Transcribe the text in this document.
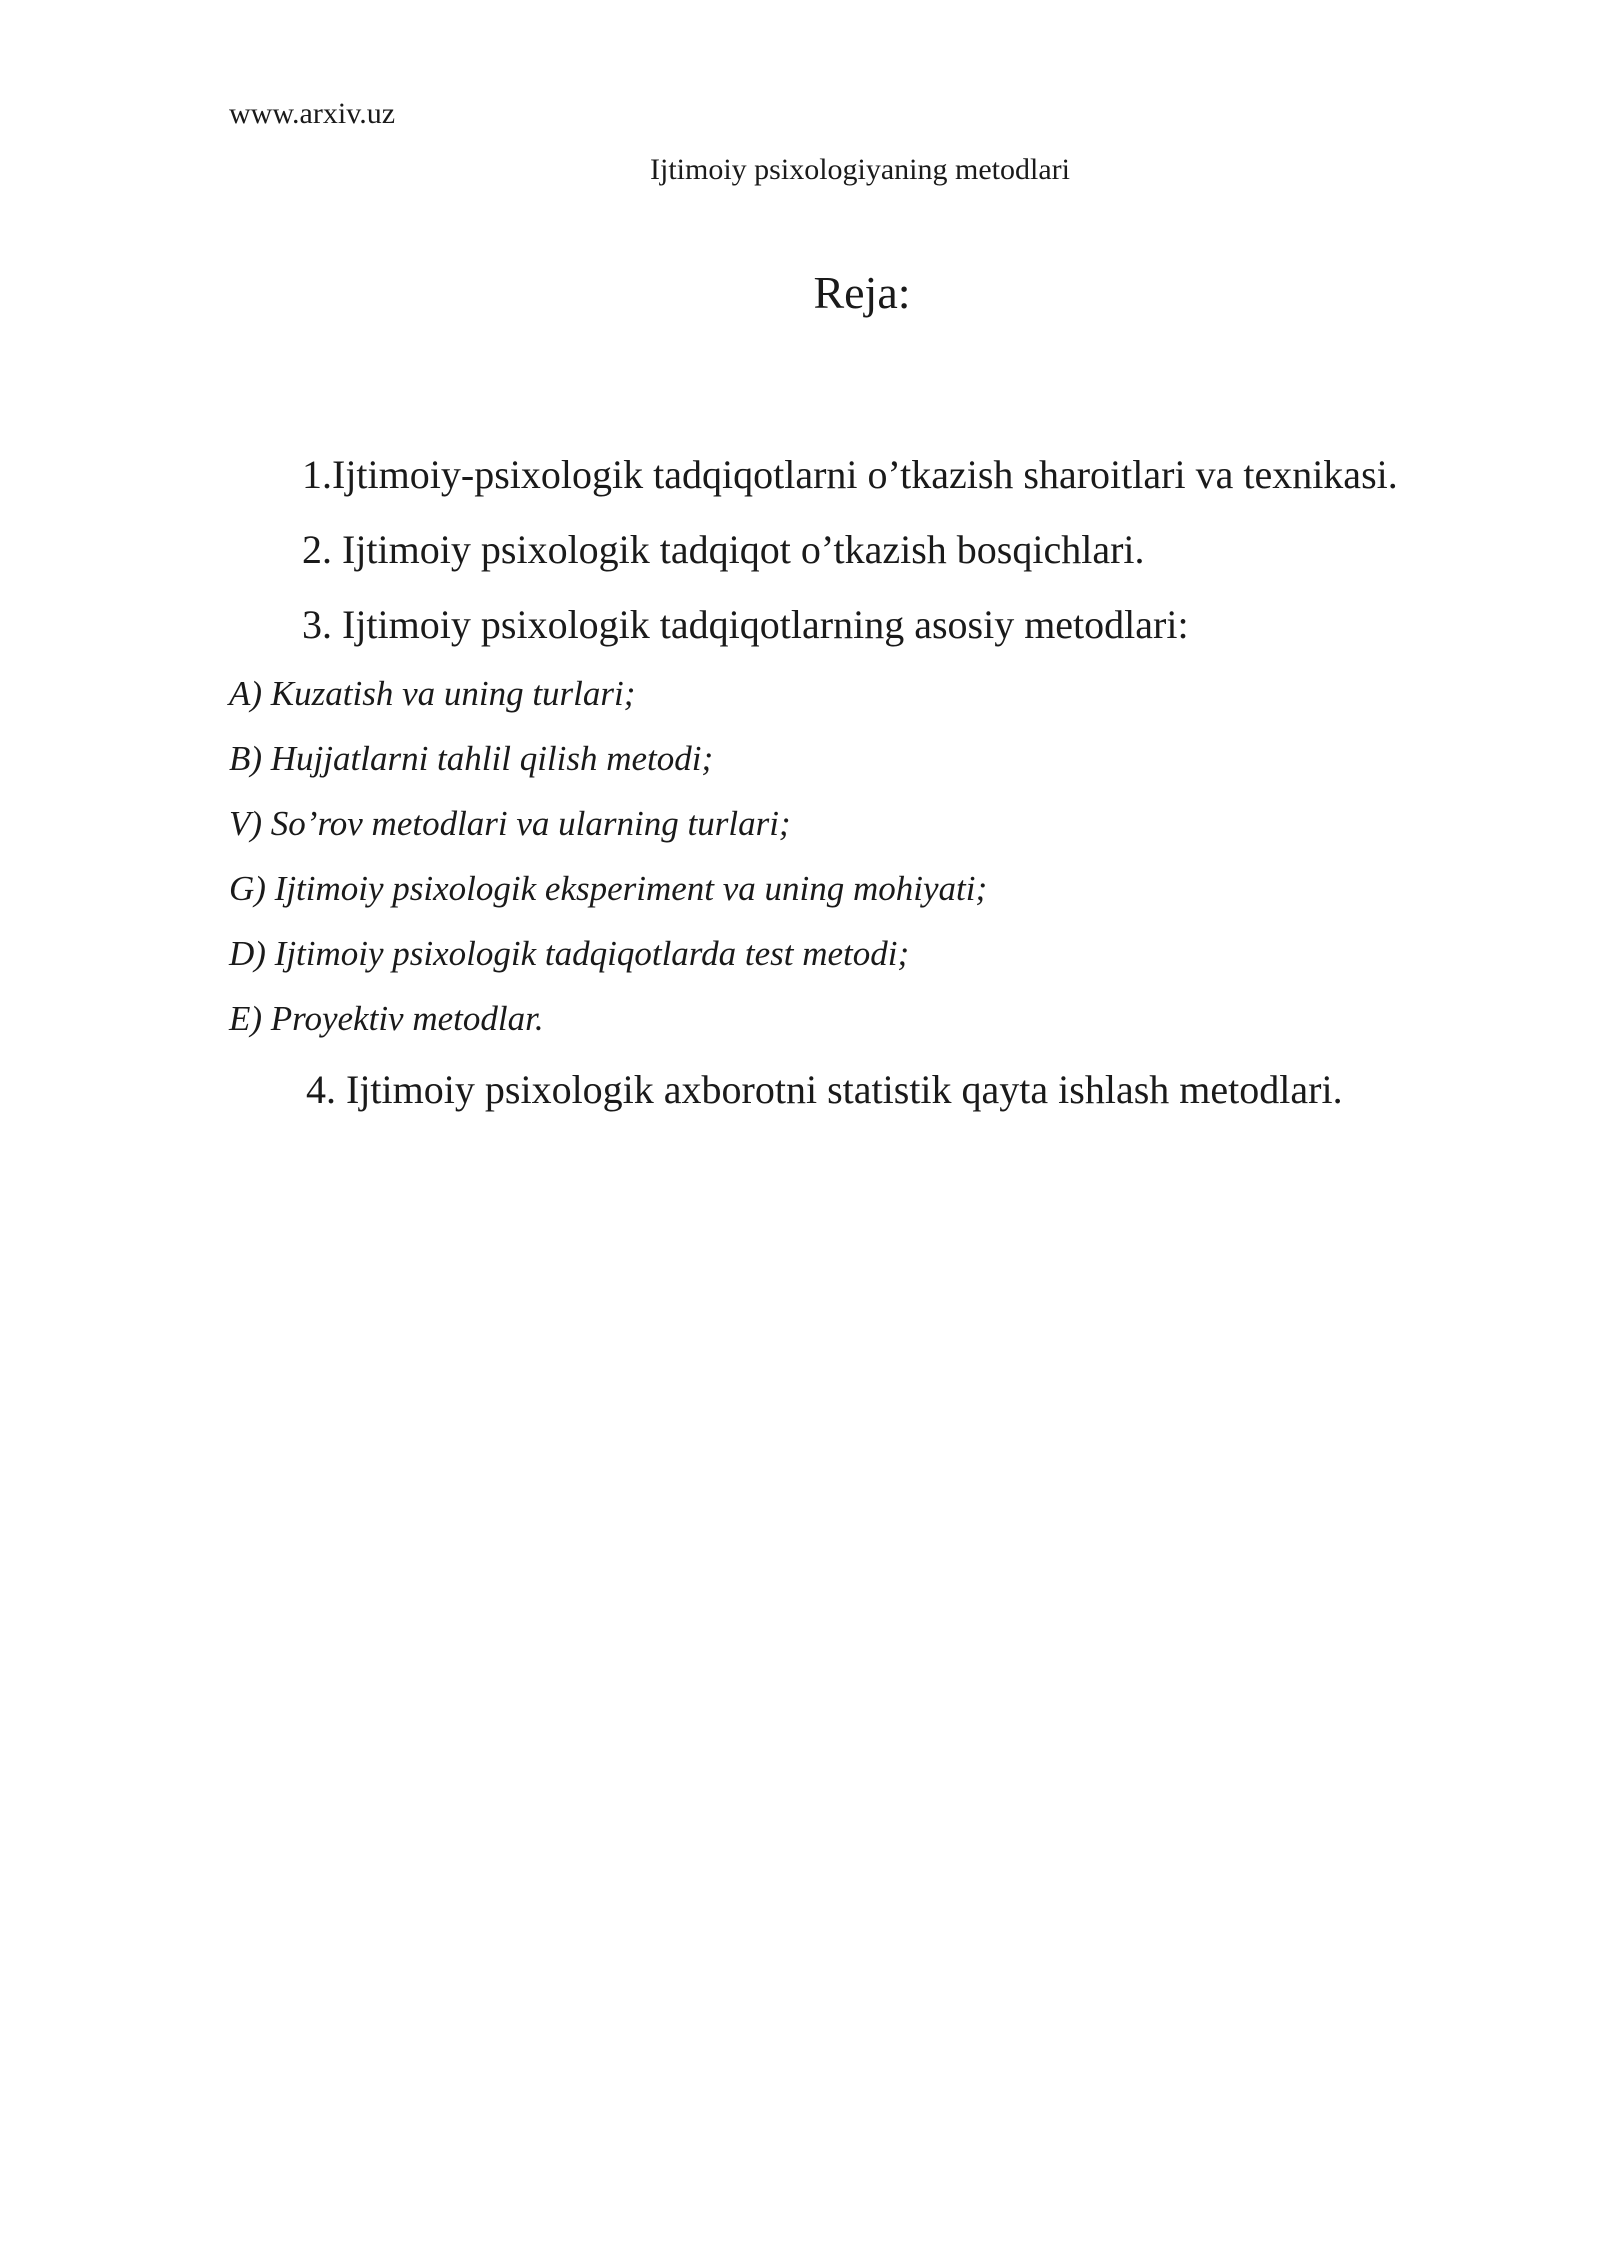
www.arxiv.uz
Ijtimoiy psixologiyaning metodlari
Reja:
1.Ijtimoiy-psixologik tadqiqotlarni o’tkazish sharoitlari va texnikasi.
2. Ijtimoiy psixologik tadqiqot o’tkazish bosqichlari.
3. Ijtimoiy psixologik tadqiqotlarning asosiy metodlari:
A) Kuzatish va uning turlari;
B) Hujjatlarni tahlil qilish metodi;
V) So’rov metodlari va ularning turlari;
G) Ijtimoiy psixologik eksperiment va uning mohiyati;
D) Ijtimoiy psixologik tadqiqotlarda test metodi;
E) Proyektiv metodlar.
4. Ijtimoiy psixologik axborotni statistik qayta ishlash metodlari.
